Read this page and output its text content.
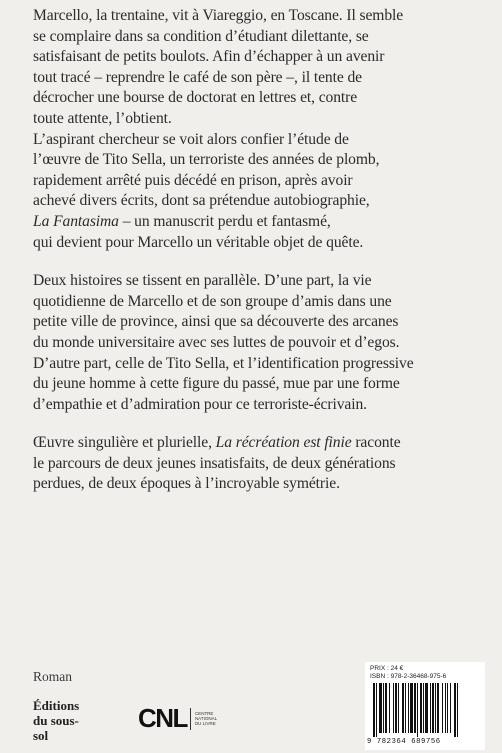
Marcello, la trentaine, vit à Viareggio, en Toscane. Il semble
se complaire dans sa condition d’étudiant dilettante, se
satisfaisant de petits boulots. Afin d’échapper à un avenir
tout tracé – reprendre le café de son père –, il tente de
décrocher une bourse de doctorat en lettres et, contre
toute attente, l’obtient.
L’aspirant chercheur se voit alors confier l’étude de
l’œuvre de Tito Sella, un terroriste des années de plomb,
rapidement arrêté puis décédé en prison, après avoir
achevé divers écrits, dont sa prétendue autobiographie,
La Fantasima – un manuscrit perdu et fantasmé,
qui devient pour Marcello un véritable objet de quête.

Deux histoires se tissent en parallèle. D’une part, la vie
quotidienne de Marcello et de son groupe d’amis dans une
petite ville de province, ainsi que sa découverte des arcanes
du monde universitaire avec ses luttes de pouvoir et d’egos.
D’autre part, celle de Tito Sella, et l’identification progressive
du jeune homme à cette figure du passé, mue par une forme
d’empathie et d’admiration pour ce terroriste-écrivain.

Œuvre singulière et plurielle, La récréation est finie raconte
le parcours de deux jeunes insatisfaits, de deux générations
perdues, de deux époques à l’incroyable symétrie.

Roman
Éditions
du sous-
sol
CNL CENTRE
NATIONAL
DU LIVRE
PRIX : 24 €
ISBN : 978-2-36468-975-6
9 782364 689756
